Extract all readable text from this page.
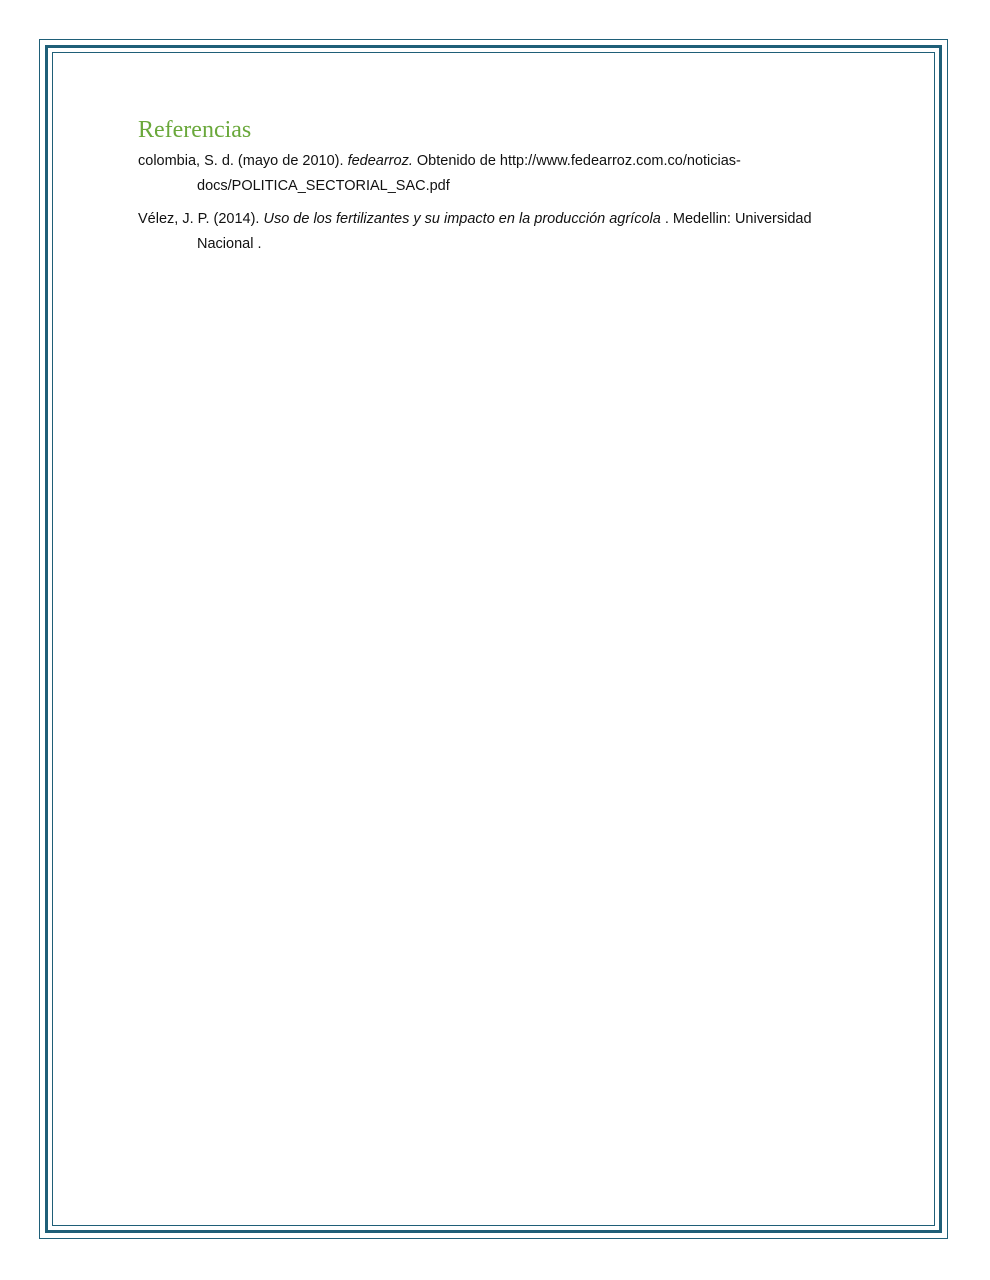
Referencias

colombia, S. d. (mayo de 2010). fedearroz. Obtenido de http://www.fedearroz.com.co/noticias-docs/POLITICA_SECTORIAL_SAC.pdf

Vélez, J. P. (2014). Uso de los fertilizantes y su impacto en la producción agrícola . Medellin: Universidad Nacional .
